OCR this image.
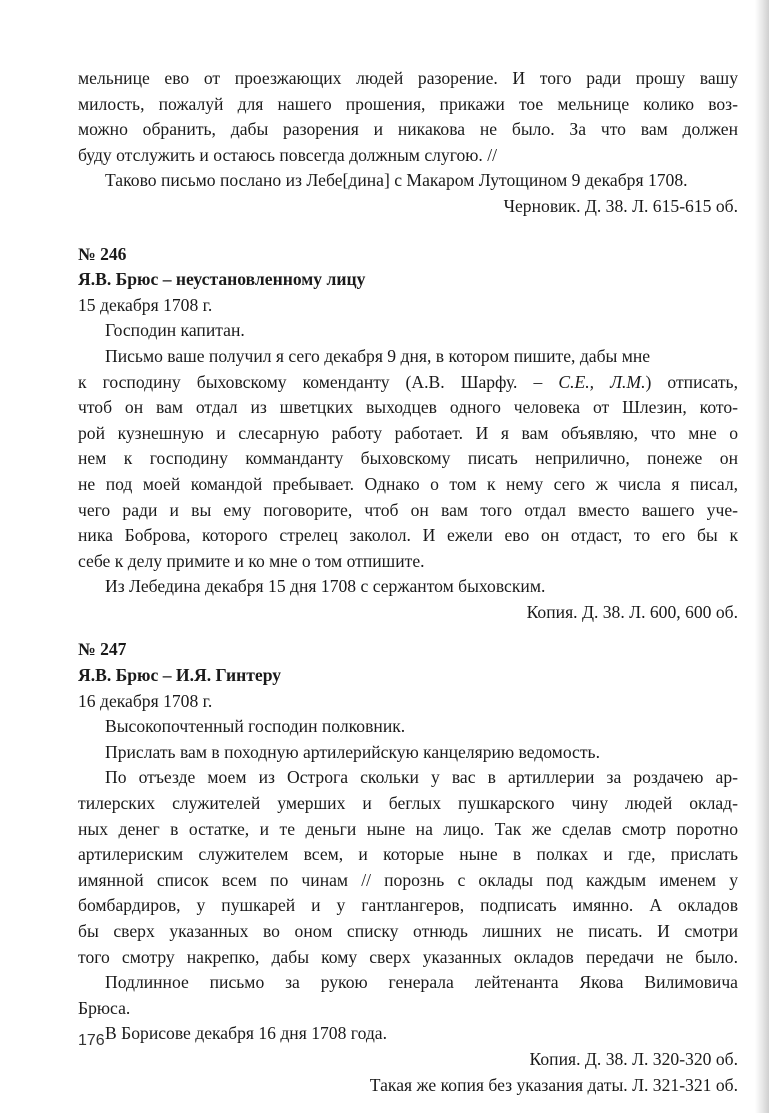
мельнице ево от проезжающих людей разорение. И того ради прошу вашу
милость, пожалуй для нашего прошения, прикажи тое мельнице колико воз-
можно обранить, дабы разорения и никакова не было. За что вам должен
буду отслужить и остаюсь повсегда должным слугою. //
Таково письмо послано из Лебе[дина] с Макаром Лутощином 9 декабря 1708.
Черновик. Д. 38. Л. 615-615 об.
№ 246
Я.В. Брюс – неустановленному лицу
15 декабря 1708 г.
Господин капитан.
Письмо ваше получил я сего декабря 9 дня, в котором пишите, дабы мне
к господину быховскому коменданту (А.В. Шарфу. – С.Е., Л.М.) отписать,
чтоб он вам отдал из шветцких выходцев одного человека от Шлезин, кото-
рой кузнешную и слесарную работу работает. И я вам объявляю, что мне о
нем к господину комманданту быховскому писать неприлично, понеже он
не под моей командой пребывает. Однако о том к нему сего ж числа я писал,
чего ради и вы ему поговорите, чтоб он вам того отдал вместо вашего уче-
ника Боброва, которого стрелец заколол. И ежели ево он отдаст, то его бы к
себе к делу примите и ко мне о том отпишите.
Из Лебедина декабря 15 дня 1708 с сержантом быховским.
Копия. Д. 38. Л. 600, 600 об.
№ 247
Я.В. Брюс – И.Я. Гинтеру
16 декабря 1708 г.
Высокопочтенный господин полковник.
Прислать вам в походную артилерийскую канцелярию ведомость.
По отъезде моем из Острога скольки у вас в артиллерии за роздачею ар-
тилерских служителей умерших и беглых пушкарского чину людей оклад-
ных денег в остатке, и те деньги ныне на лицо. Так же сделав смотр поротно
артилериским служителем всем, и которые ныне в полках и где, прислать
имянной список всем по чинам // порознь с оклады под каждым именем у
бомбардиров, у пушкарей и у гантлангеров, подписать имянно. А окладов
бы сверх указанных во оном списку отнюдь лишних не писать. И смотри
того смотру накрепко, дабы кому сверх указанных окладов передачи не было.
Подлинное письмо за рукою генерала лейтенанта Якова Вилимовича
Брюса.
В Борисове декабря 16 дня 1708 года.
Копия. Д. 38. Л. 320-320 об.
Такая же копия без указания даты. Л. 321-321 об.
176
